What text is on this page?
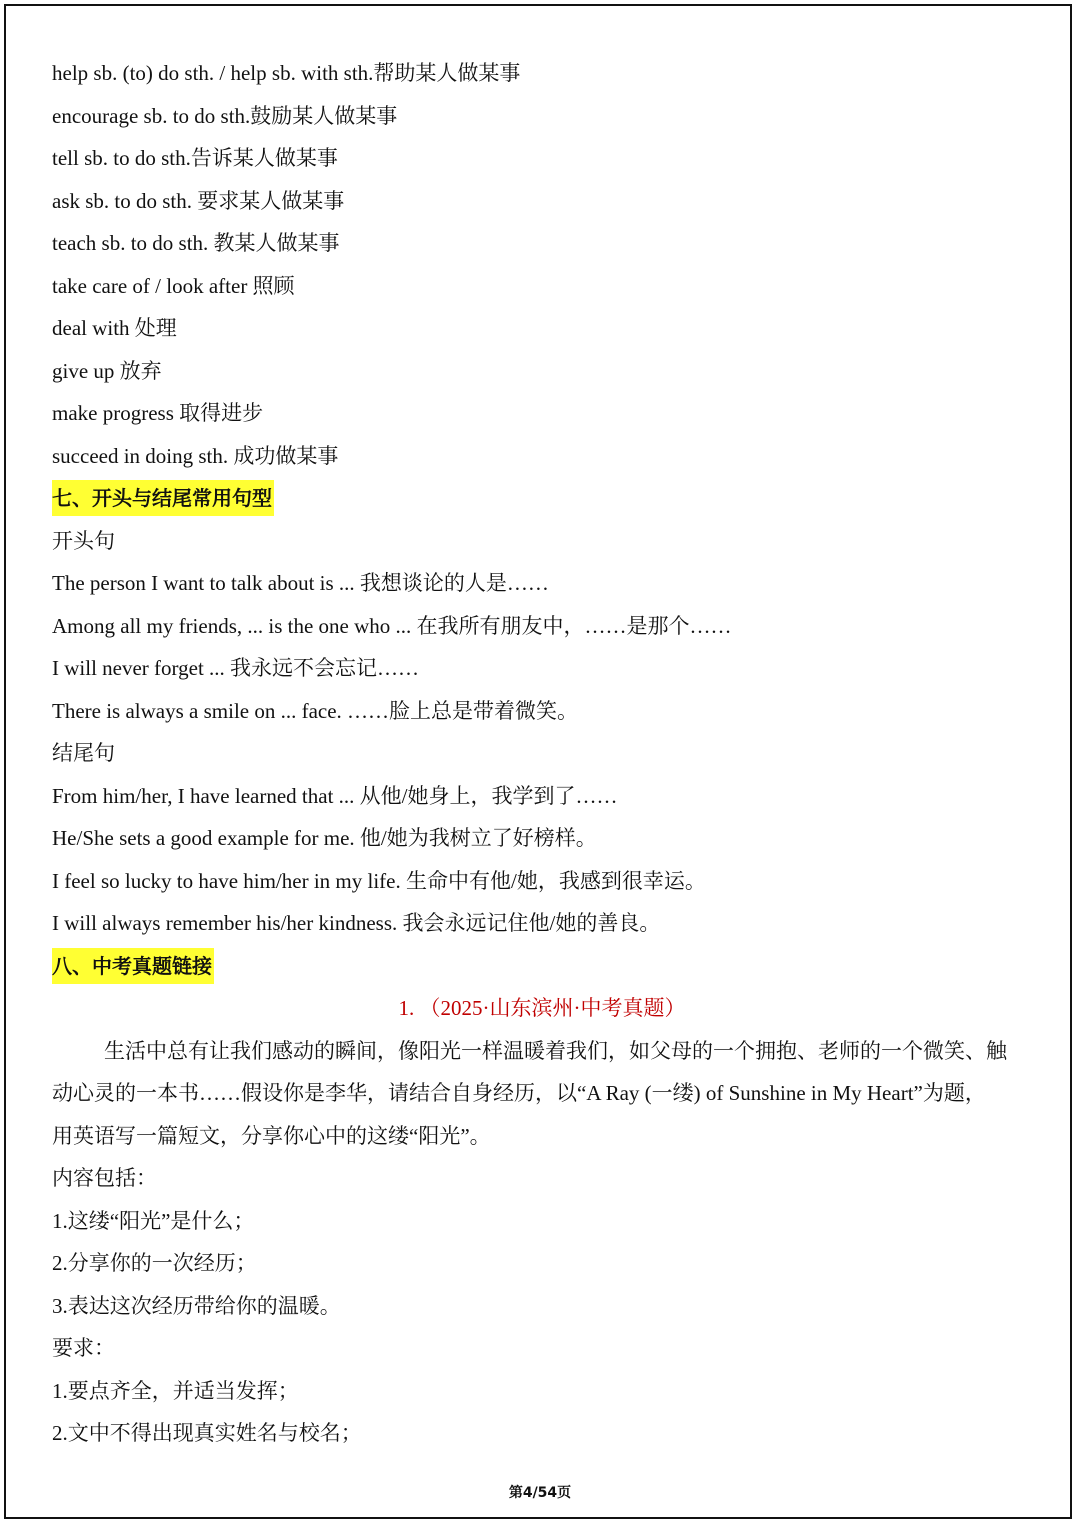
help sb. (to) do sth. / help sb. with sth.帮助某人做某事
encourage sb. to do sth.鼓励某人做某事
tell sb. to do sth.告诉某人做某事
ask sb. to do sth. 要求某人做某事
teach sb. to do sth. 教某人做某事
take care of / look after 照顾
deal with 处理
give up 放弃
make progress 取得进步
succeed in doing sth. 成功做某事
七、开头与结尾常用句型
开头句
The person I want to talk about is ... 我想谈论的人是……
Among all my friends, ... is the one who ... 在我所有朋友中，……是那个……
I will never forget ... 我永远不会忘记……
There is always a smile on ... face. ……脸上总是带着微笑。
结尾句
From him/her, I have learned that ... 从他/她身上，我学到了……
He/She sets a good example for me. 他/她为我树立了好榜样。
I feel so lucky to have him/her in my life. 生命中有他/她，我感到很幸运。
I will always remember his/her kindness. 我会永远记住他/她的善良。
八、中考真题链接
1. （2025·山东滨州·中考真题）
生活中总有让我们感动的瞬间，像阳光一样温暖着我们，如父母的一个拥抱、老师的一个微笑、触
动心灵的一本书……假设你是李华，请结合自身经历，以“A Ray (一缕) of Sunshine in My Heart”为题，
用英语写一篇短文，分享你心中的这缕“阳光”。
内容包括：
1.这缕“阳光”是什么；
2.分享你的一次经历；
3.表达这次经历带给你的温暖。
要求：
1.要点齐全，并适当发挥；
2.文中不得出现真实姓名与校名；
第4/54页
